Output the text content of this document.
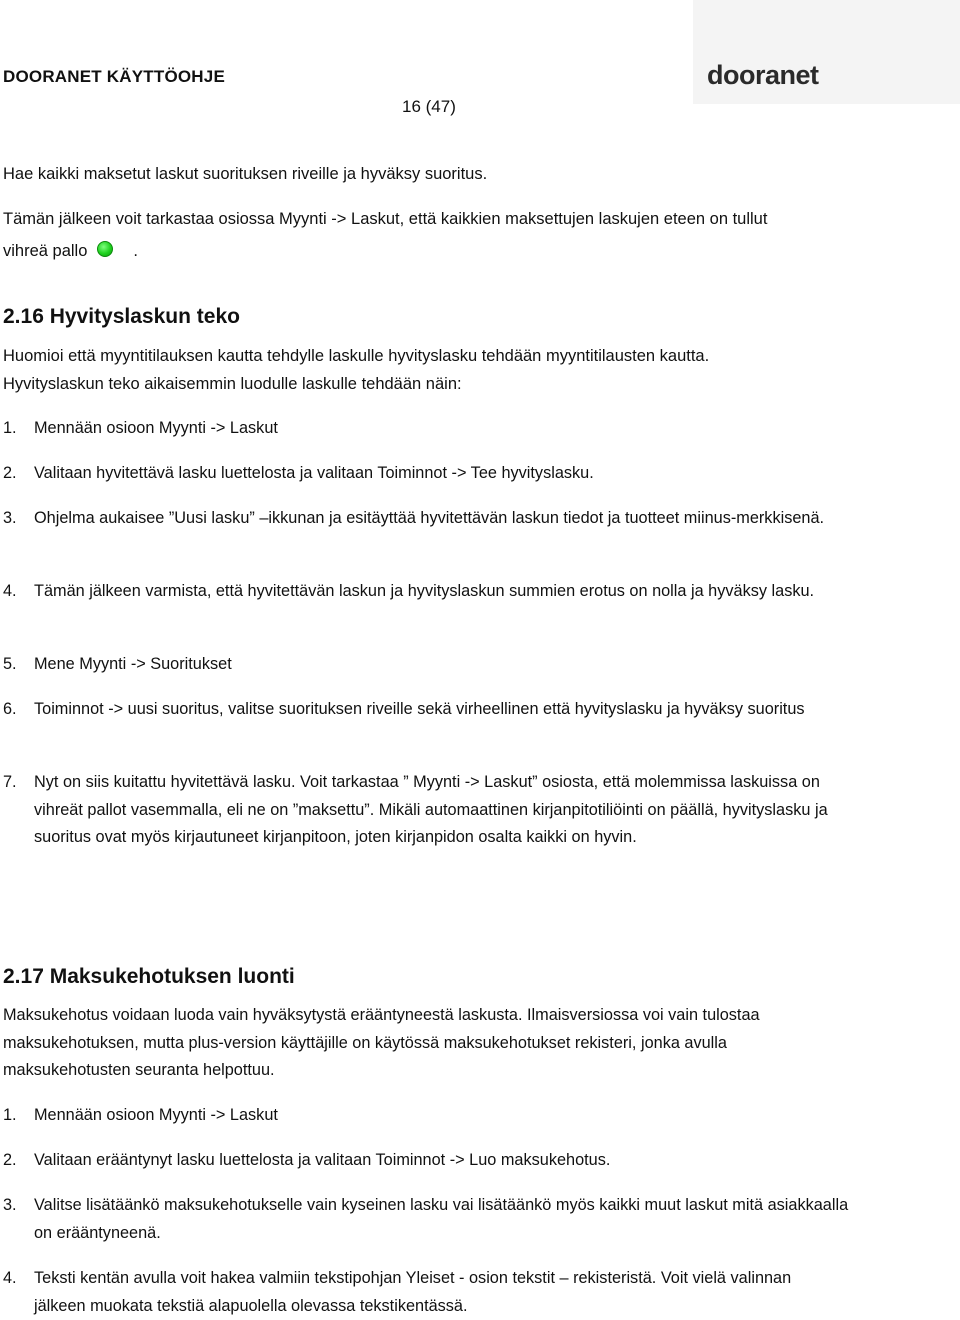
DOORANET KÄYTTÖOHJE
16 (47)
dooranet
Hae kaikki maksetut laskut suorituksen riveille ja hyväksy suoritus.
Tämän jälkeen voit tarkastaa osiossa Myynti -> Laskut, että kaikkien maksettujen laskujen eteen on tullut
vihreä pallo	.
2.16 Hyvityslaskun teko
Huomioi että myyntitilauksen kautta tehdylle laskulle hyvityslasku tehdään myyntitilausten kautta.
Hyvityslaskun teko aikaisemmin luodulle laskulle tehdään näin:
1. Mennään osioon Myynti -> Laskut
2. Valitaan hyvitettävä lasku luettelosta ja valitaan Toiminnot -> Tee hyvityslasku.
3. Ohjelma aukaisee ”Uusi lasku” –ikkunan ja esitäyttää hyvitettävän laskun tiedot ja tuotteet miinus-merkkisenä.
4. Tämän jälkeen varmista, että hyvitettävän laskun ja hyvityslaskun summien erotus on nolla ja hyväksy lasku.
5. Mene Myynti -> Suoritukset
6. Toiminnot -> uusi suoritus, valitse suorituksen riveille sekä virheellinen että hyvityslasku ja hyväksy suoritus
7. Nyt on siis kuitattu hyvitettävä lasku. Voit tarkastaa ” Myynti -> Laskut” osiosta, että molemmissa laskuissa on vihreät pallot vasemmalla, eli ne on ”maksettu”. Mikäli automaattinen kirjanpitotiliöinti on päällä, hyvityslasku ja suoritus ovat myös kirjautuneet kirjanpitoon, joten kirjanpidon osalta kaikki on hyvin.
2.17 Maksukehotuksen luonti
Maksukehotus voidaan luoda vain hyväksytystä erääntyneestä laskusta. Ilmaisversiossa voi vain tulostaa maksukehotuksen, mutta plus-version käyttäjille on käytössä maksukehotukset rekisteri, jonka avulla maksukehotusten seuranta helpottuu.
1. Mennään osioon Myynti -> Laskut
2. Valitaan erääntynyt lasku luettelosta ja valitaan Toiminnot -> Luo maksukehotus.
3. Valitse lisätäänkö maksukehotukselle vain kyseinen lasku vai lisätäänkö myös kaikki muut laskut mitä asiakkaalla on erääntyneenä.
4. Teksti kentän avulla voit hakea valmiin tekstipohjan Yleiset - osion tekstit – rekisteristä. Voit vielä valinnan jälkeen muokata tekstiä alapuolella olevassa tekstikentässä.
